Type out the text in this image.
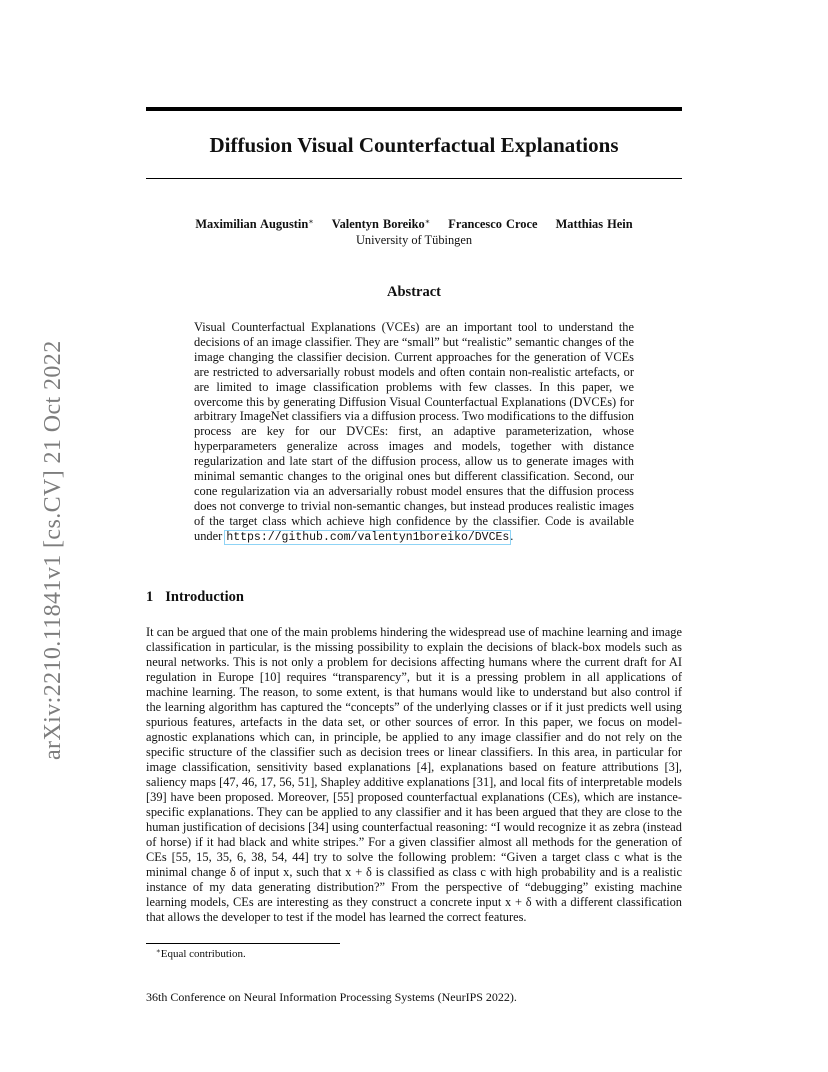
arXiv:2210.11841v1 [cs.CV] 21 Oct 2022
Diffusion Visual Counterfactual Explanations
Maximilian Augustin∗ Valentyn Boreiko∗ Francesco Croce Matthias Hein
University of Tübingen
Abstract
Visual Counterfactual Explanations (VCEs) are an important tool to understand the decisions of an image classifier. They are “small” but “realistic” semantic changes of the image changing the classifier decision. Current approaches for the generation of VCEs are restricted to adversarially robust models and often contain non-realistic artefacts, or are limited to image classification problems with few classes. In this paper, we overcome this by generating Diffusion Visual Counterfactual Explanations (DVCEs) for arbitrary ImageNet classifiers via a diffusion process. Two modifications to the diffusion process are key for our DVCEs: first, an adaptive parameterization, whose hyperparameters generalize across images and models, together with distance regularization and late start of the diffusion process, allow us to generate images with minimal semantic changes to the original ones but different classification. Second, our cone regularization via an adversarially robust model ensures that the diffusion process does not converge to trivial non-semantic changes, but instead produces realistic images of the target class which achieve high confidence by the classifier. Code is available under https://github.com/valentyn1boreiko/DVCEs.
1 Introduction
It can be argued that one of the main problems hindering the widespread use of machine learning and image classification in particular, is the missing possibility to explain the decisions of black-box models such as neural networks. This is not only a problem for decisions affecting humans where the current draft for AI regulation in Europe [10] requires “transparency”, but it is a pressing problem in all applications of machine learning. The reason, to some extent, is that humans would like to understand but also control if the learning algorithm has captured the “concepts” of the underlying classes or if it just predicts well using spurious features, artefacts in the data set, or other sources of error. In this paper, we focus on model-agnostic explanations which can, in principle, be applied to any image classifier and do not rely on the specific structure of the classifier such as decision trees or linear classifiers. In this area, in particular for image classification, sensitivity based explanations [4], explanations based on feature attributions [3], saliency maps [47, 46, 17, 56, 51], Shapley additive explanations [31], and local fits of interpretable models [39] have been proposed. Moreover, [55] proposed counterfactual explanations (CEs), which are instance-specific explanations. They can be applied to any classifier and it has been argued that they are close to the human justification of decisions [34] using counterfactual reasoning: “I would recognize it as zebra (instead of horse) if it had black and white stripes.” For a given classifier almost all methods for the generation of CEs [55, 15, 35, 6, 38, 54, 44] try to solve the following problem: “Given a target class c what is the minimal change δ of input x, such that x + δ is classified as class c with high probability and is a realistic instance of my data generating distribution?” From the perspective of “debugging” existing machine learning models, CEs are interesting as they construct a concrete input x + δ with a different classification that allows the developer to test if the model has learned the correct features.
∗Equal contribution.
36th Conference on Neural Information Processing Systems (NeurIPS 2022).
